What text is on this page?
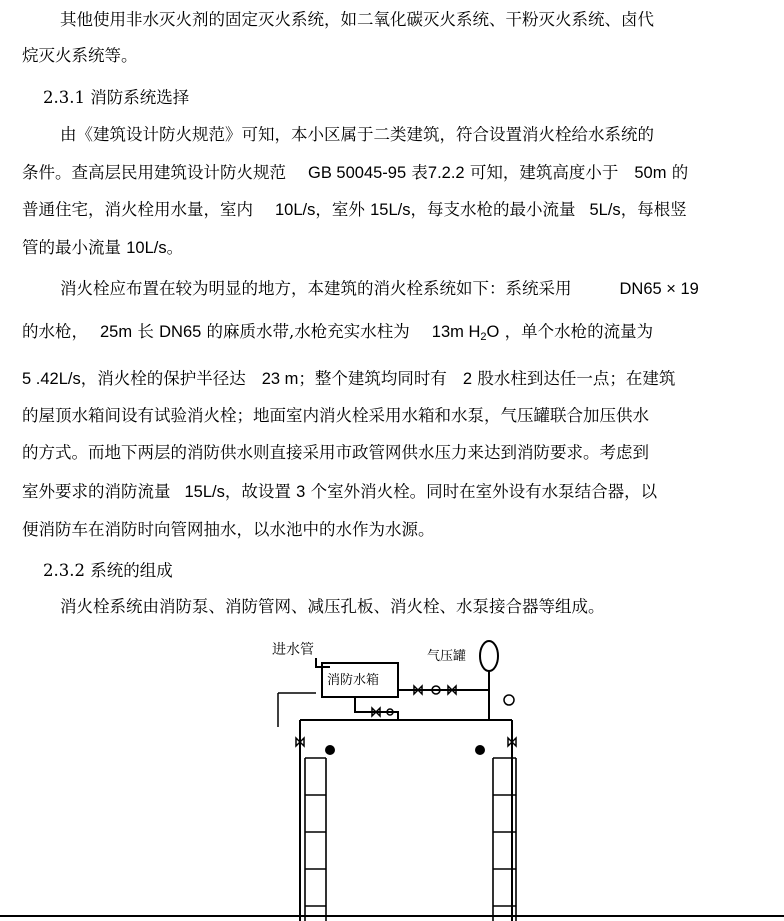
其他使用非水灭火剂的固定灭火系统，如二氧化碳灭火系统、干粉灭火系统、卤代
烷灭火系统等。
2.3.1 消防系统选择
由《建筑设计防火规范》可知，本小区属于二类建筑，符合设置消火栓给水系统的
条件。查高层民用建筑设计防火规范 GB 50045-95 表7.2.2 可知，建筑高度小于 50m 的
普通住宅，消火栓用水量，室内 10L/s，室外 15L/s，每支水枪的最小流量 5L/s，每根竖
管的最小流量 10L/s。
消火栓应布置在较为明显的地方，本建筑的消火栓系统如下：系统采用	DN65 × 19
的水枪， 25m 长 DN65 的麻质水带,水枪充实水柱为 13m $H_2O$ ，单个水枪的流量为
5 .42L/s，消火栓的保护半径达 23 m；整个建筑均同时有 2 股水柱到达任一点；在建筑
的屋顶水箱间设有试验消火栓；地面室内消火栓采用水箱和水泵，气压罐联合加压供水
的方式。而地下两层的消防供水则直接采用市政管网供水压力来达到消防要求。考虑到
室外要求的消防流量 15L/s，故设置 3 个室外消火栓。同时在室外设有水泵结合器，以
便消防车在消防时向管网抽水，以水池中的水作为水源。
2.3.2 系统的组成
消火栓系统由消防泵、消防管网、减压孔板、消火栓、水泵接合器等组成。
进水管
消防水箱
气压罐
